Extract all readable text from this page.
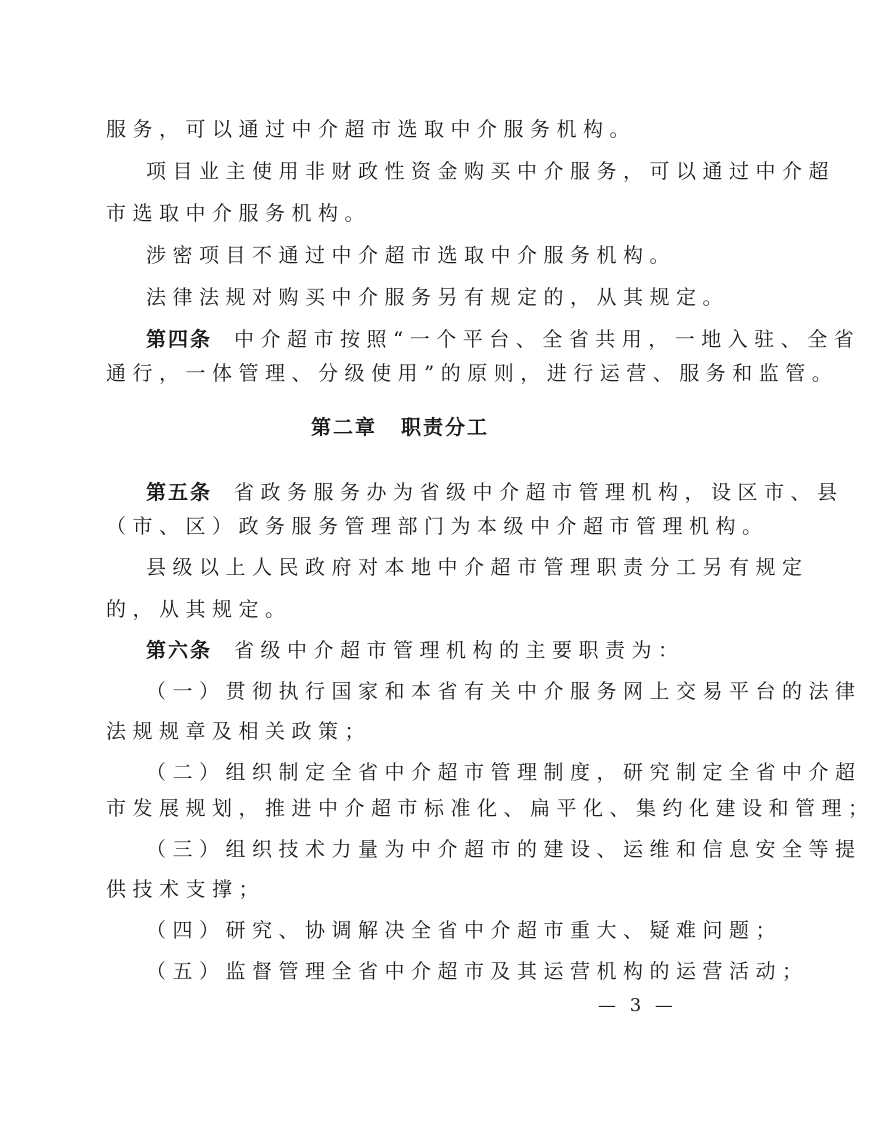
服务，可以通过中介超市选取中介服务机构。
项目业主使用非财政性资金购买中介服务，可以通过中介超
市选取中介服务机构。
涉密项目不通过中介超市选取中介服务机构。
法律法规对购买中介服务另有规定的，从其规定。
第四条 中介超市按照“一个平台、全省共用，一地入驻、全省
通行，一体管理、分级使用”的原则，进行运营、服务和监管。
第二章 职责分工
第五条 省政务服务办为省级中介超市管理机构，设区市、县
（市、区）政务服务管理部门为本级中介超市管理机构。
县级以上人民政府对本地中介超市管理职责分工另有规定
的，从其规定。
第六条 省级中介超市管理机构的主要职责为：
（一）贯彻执行国家和本省有关中介服务网上交易平台的法律
法规规章及相关政策；
（二）组织制定全省中介超市管理制度，研究制定全省中介超
市发展规划，推进中介超市标准化、扁平化、集约化建设和管理；
（三）组织技术力量为中介超市的建设、运维和信息安全等提
供技术支撑；
（四）研究、协调解决全省中介超市重大、疑难问题；
（五）监督管理全省中介超市及其运营机构的运营活动；
— 3 —
